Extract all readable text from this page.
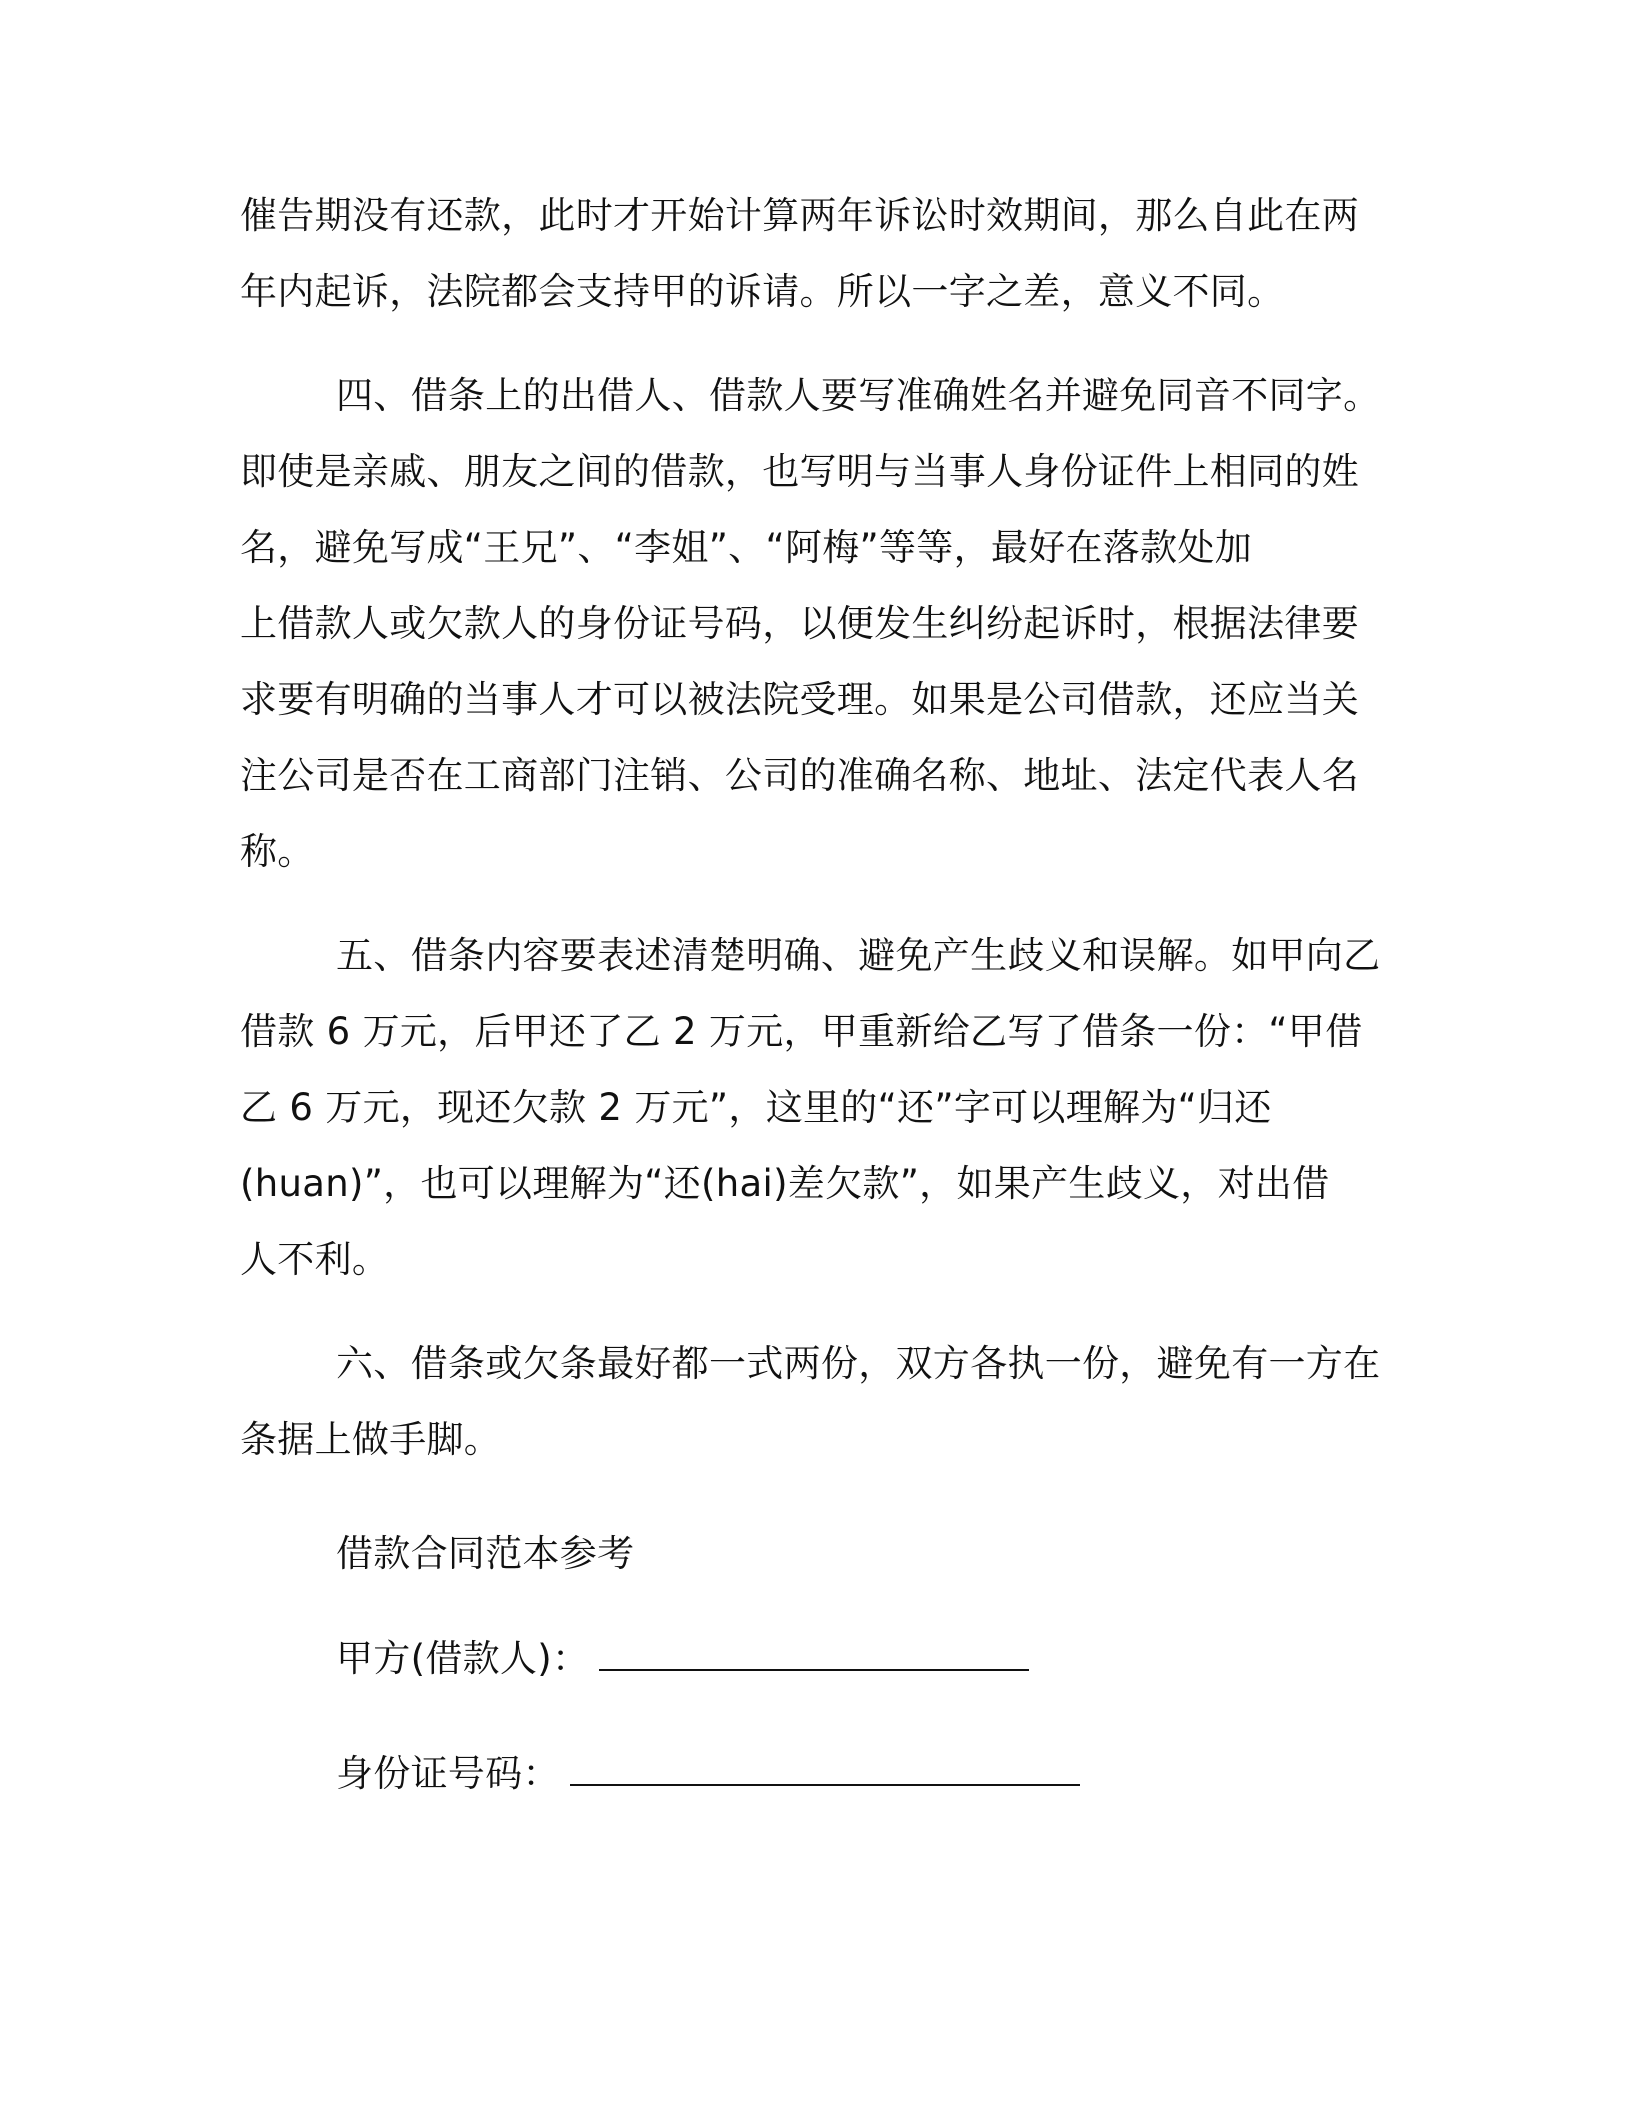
催告期没有还款，此时才开始计算两年诉讼时效期间，那么自此在两
年内起诉，法院都会支持甲的诉请。所以一字之差，意义不同。
四、借条上的出借人、借款人要写准确姓名并避免同音不同字。
即使是亲戚、朋友之间的借款，也写明与当事人身份证件上相同的姓
名，避免写成“王兄”、“李姐”、“阿梅”等等，最好在落款处加
上借款人或欠款人的身份证号码，以便发生纠纷起诉时，根据法律要
求要有明确的当事人才可以被法院受理。如果是公司借款，还应当关
注公司是否在工商部门注销、公司的准确名称、地址、法定代表人名
称。
五、借条内容要表述清楚明确、避免产生歧义和误解。如甲向乙
借款 6 万元，后甲还了乙 2 万元，甲重新给乙写了借条一份：“甲借
乙 6 万元，现还欠款 2 万元”，这里的“还”字可以理解为“归还
(huan)”，也可以理解为“还(hai)差欠款”，如果产生歧义，对出借
人不利。
六、借条或欠条最好都一式两份，双方各执一份，避免有一方在
条据上做手脚。
借款合同范本参考
甲方(借款人)：
身份证号码：
